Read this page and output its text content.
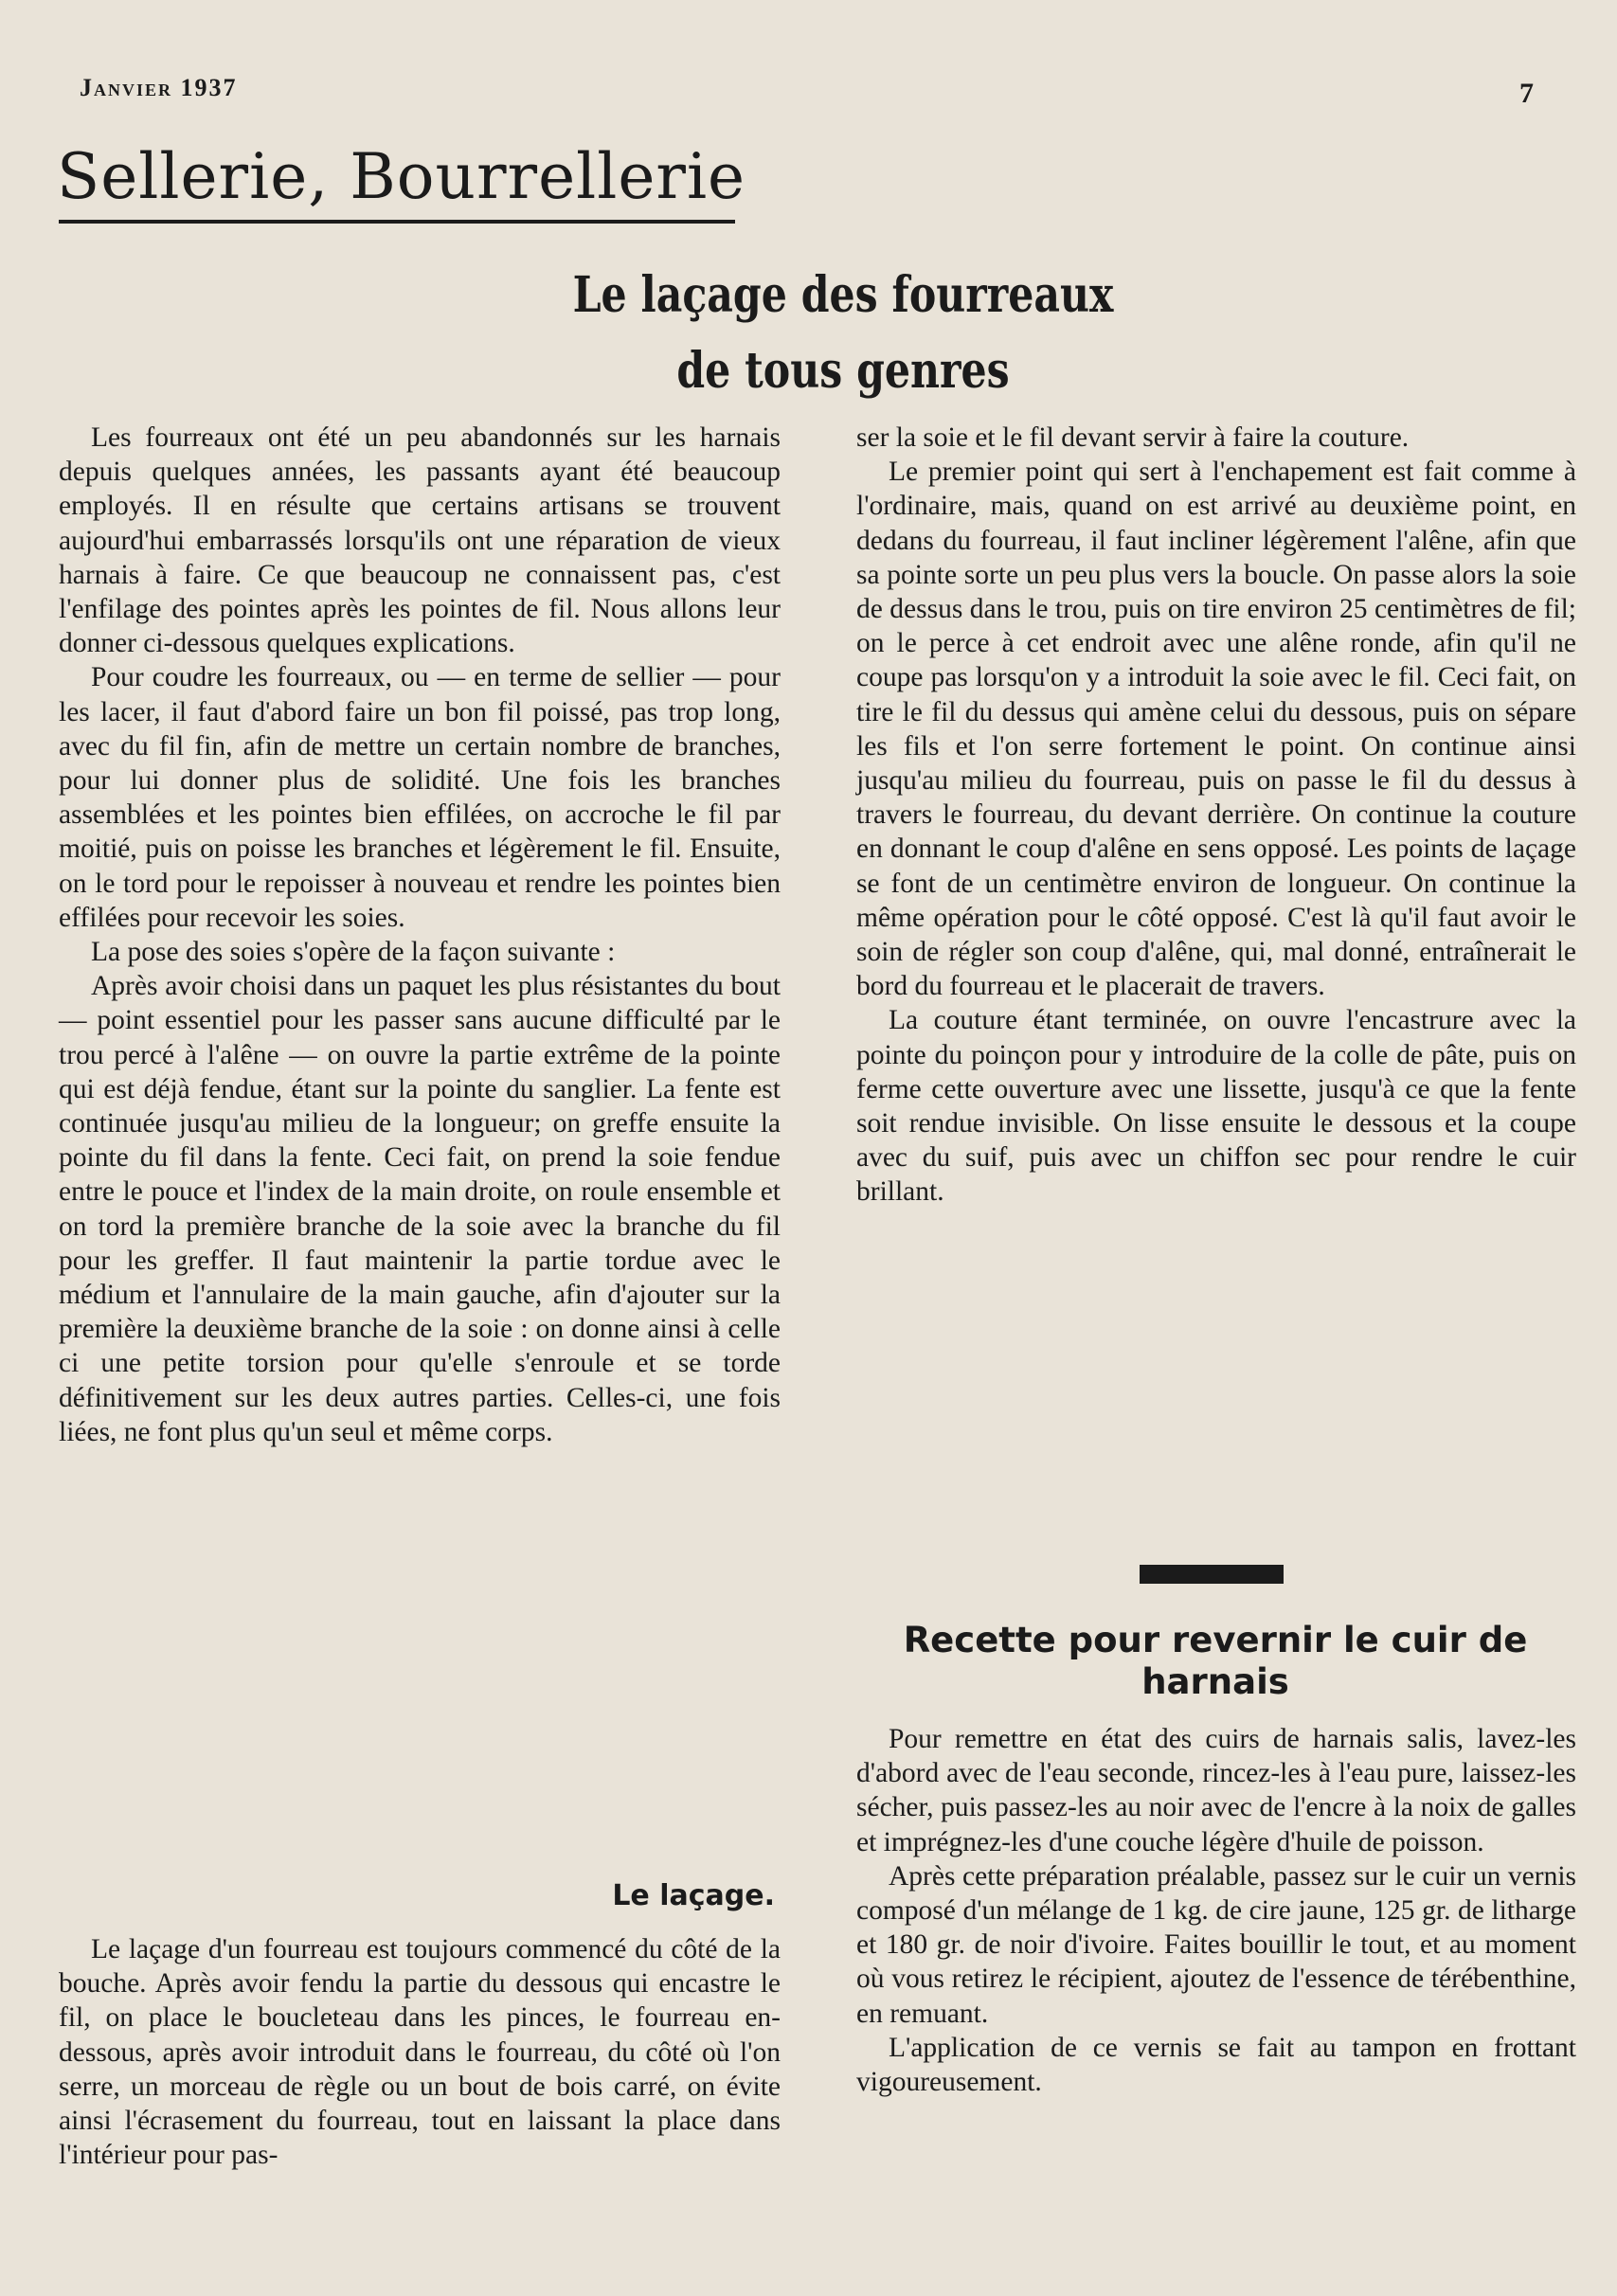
Janvier 1937	7
Sellerie, Bourrellerie
Le laçage des fourreaux
de tous genres

Les fourreaux ont été un peu abandonnés sur les harnais depuis quelques années, les passants ayant été beaucoup employés. Il en résulte que certains artisans se trouvent aujourd'hui embarrassés lorsqu'ils ont une réparation de vieux harnais à faire. Ce que beaucoup ne connaissent pas, c'est l'enfilage des pointes après les pointes de fil. Nous allons leur donner ci-dessous quelques explications.

Pour coudre les fourreaux, ou — en terme de sellier — pour les lacer, il faut d'abord faire un bon fil poissé, pas trop long, avec du fil fin, afin de mettre un certain nombre de branches, pour lui donner plus de solidité. Une fois les branches assemblées et les pointes bien effilées, on accroche le fil par moitié, puis on poisse les branches et légèrement le fil. Ensuite, on le tord pour le repoisser à nouveau et rendre les pointes bien effilées pour recevoir les soies.

La pose des soies s'opère de la façon suivante :

Après avoir choisi dans un paquet les plus résistantes du bout— point essentiel pour les passer sans aucune difficulté par le trou percé à l'alêne — on ouvre la partie extrême de la pointe qui est déjà fendue, étant sur la pointe du sanglier. La fente est continuée jusqu'au milieu de la longueur; on greffe ensuite la pointe du fil dans la fente. Ceci fait, on prend la soie fendue entre le pouce et l'index de la main droite, on roule ensemble et on tord la première branche de la soie avec la branche du fil pour les greffer. Il faut maintenir la partie tordue avec le médium et l'annulaire de la main gauche, afin d'ajouter sur la première la deuxième branche de la soie : on donne ainsi à celle ci une petite torsion pour qu'elle s'enroule et se torde définitivement sur les deux autres parties. Celles-ci, une fois liées, ne font plus qu'un seul et même corps.

Le laçage.

Le laçage d'un fourreau est toujours commencé du côté de la bouche. Après avoir fendu la partie du dessous qui encastre le fil, on place le boucleteau dans les pinces, le fourreau en-dessous, après avoir introduit dans le fourreau, du côté où l'on serre, un morceau de règle ou un bout de bois carré, on évite ainsi l'écrasement du fourreau, tout en laissant la place dans l'intérieur pour pas-

ser la soie et le fil devant servir à faire la couture.

Le premier point qui sert à l'enchapement est fait comme à l'ordinaire, mais, quand on est arrivé au deuxième point, en dedans du fourreau, il faut incliner légèrement l'alêne, afin que sa pointe sorte un peu plus vers la boucle. On passe alors la soie de dessus dans le trou, puis on tire environ 25 centimètres de fil; on le perce à cet endroit avec une alêne ronde, afin qu'il ne coupe pas lorsqu'on y a introduit la soie avec le fil. Ceci fait, on tire le fil du dessus qui amène celui du dessous, puis on sépare les fils et l'on serre fortement le point. On continue ainsi jusqu'au milieu du fourreau, puis on passe le fil du dessus à travers le fourreau, du devant derrière. On continue la couture en donnant le coup d'alêne en sens opposé. Les points de laçage se font de un centimètre environ de longueur. On continue la même opération pour le côté opposé. C'est là qu'il faut avoir le soin de régler son coup d'alêne, qui, mal donné, entraînerait le bord du fourreau et le placerait de travers.

La couture étant terminée, on ouvre l'encastrure avec la pointe du poinçon pour y introduire de la colle de pâte, puis on ferme cette ouverture avec une lissette, jusqu'à ce que la fente soit rendue invisible. On lisse ensuite le dessous et la coupe avec du suif, puis avec un chiffon sec pour rendre le cuir brillant.

Recette pour revernir le cuir de harnais

Pour remettre en état des cuirs de harnais salis, lavez-les d'abord avec de l'eau seconde, rincez-les à l'eau pure, laissez-les sécher, puis passez-les au noir avec de l'encre à la noix de galles et imprégnez-les d'une couche légère d'huile de poisson.

Après cette préparation préalable, passez sur le cuir un vernis composé d'un mélange de 1 kg. de cire jaune, 125 gr. de litharge et 180 gr. de noir d'ivoire. Faites bouillir le tout, et au moment où vous retirez le récipient, ajoutez de l'essence de térébenthine, en remuant.

L'application de ce vernis se fait au tampon en frottant vigoureusement.
